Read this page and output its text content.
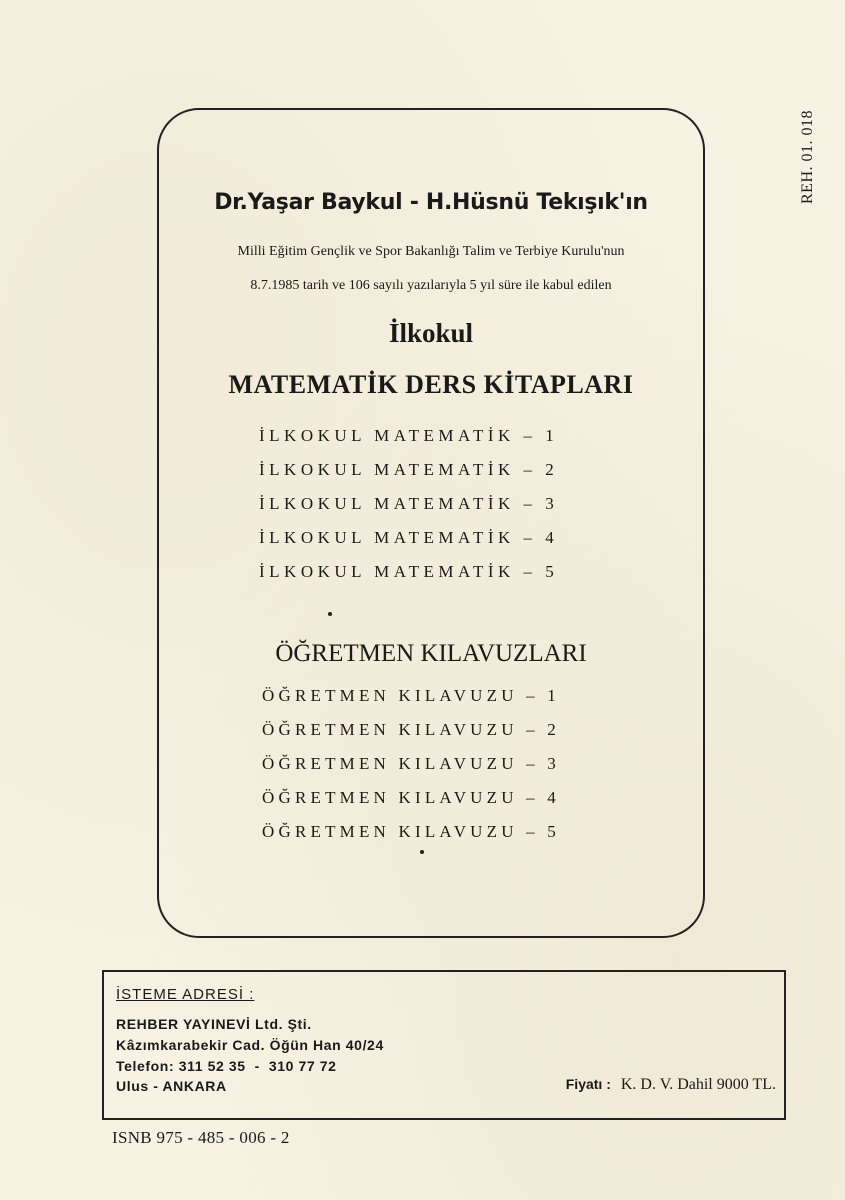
REH. 01. 018
Dr.Yaşar Baykul - H.Hüsnü Tekışık'ın
Milli Eğitim Gençlik ve Spor Bakanlığı Talim ve Terbiye Kurulu'nun
8.7.1985 tarih ve 106 sayılı yazılarıyla 5 yıl süre ile kabul edilen
İlkokul
MATEMATİK DERS KİTAPLARI
İLKOKUL MATEMATİK – 1
İLKOKUL MATEMATİK – 2
İLKOKUL MATEMATİK – 3
İLKOKUL MATEMATİK – 4
İLKOKUL MATEMATİK – 5
ÖĞRETMEN KILAVUZLARI
ÖĞRETMEN KILAVUZU – 1
ÖĞRETMEN KILAVUZU – 2
ÖĞRETMEN KILAVUZU – 3
ÖĞRETMEN KILAVUZU – 4
ÖĞRETMEN KILAVUZU – 5
İSTEME ADRESİ :
REHBER YAYINEVİ Ltd. Şti.
Kâzımkarabekir Cad. Öğün Han 40/24
Telefon: 311 52 35  -  310 77 72
Ulus - ANKARA	Fiyatı : K. D. V. Dahil 9000 TL.
ISNB 975 - 485 - 006 - 2
